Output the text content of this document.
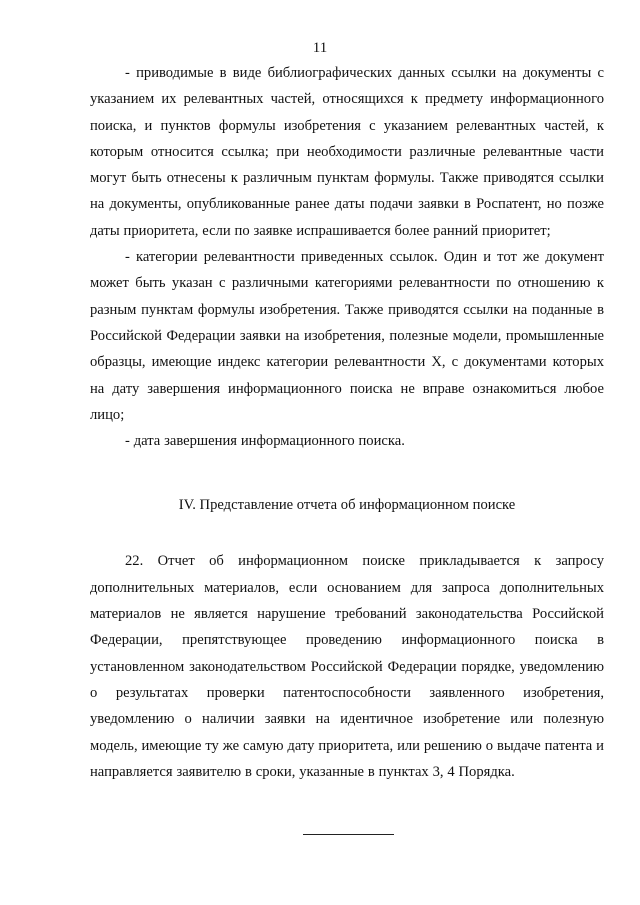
11

- приводимые в виде библиографических данных ссылки на документы с указанием их релевантных частей, относящихся к предмету информационного поиска, и пунктов формулы изобретения с указанием релевантных частей, к которым относится ссылка; при необходимости различные релевантные части могут быть отнесены к различным пунктам формулы. Также приводятся ссылки на документы, опубликованные ранее даты подачи заявки в Роспатент, но позже даты приоритета, если по заявке испрашивается более ранний приоритет;

- категории релевантности приведенных ссылок. Один и тот же документ может быть указан с различными категориями релевантности по отношению к разным пунктам формулы изобретения. Также приводятся ссылки на поданные в Российской Федерации заявки на изобретения, полезные модели, промышленные образцы, имеющие индекс категории релевантности X, с документами которых на дату завершения информационного поиска не вправе ознакомиться любое лицо;

- дата завершения информационного поиска.

IV. Представление отчета об информационном поиске

22. Отчет об информационном поиске прикладывается к запросу дополнительных материалов, если основанием для запроса дополнительных материалов не является нарушение требований законодательства Российской Федерации, препятствующее проведению информационного поиска в установленном законодательством Российской Федерации порядке, уведомлению о результатах проверки патентоспособности заявленного изобретения, уведомлению о наличии заявки на идентичное изобретение или полезную модель, имеющие ту же самую дату приоритета, или решению о выдаче патента и направляется заявителю в сроки, указанные в пунктах 3, 4 Порядка.
